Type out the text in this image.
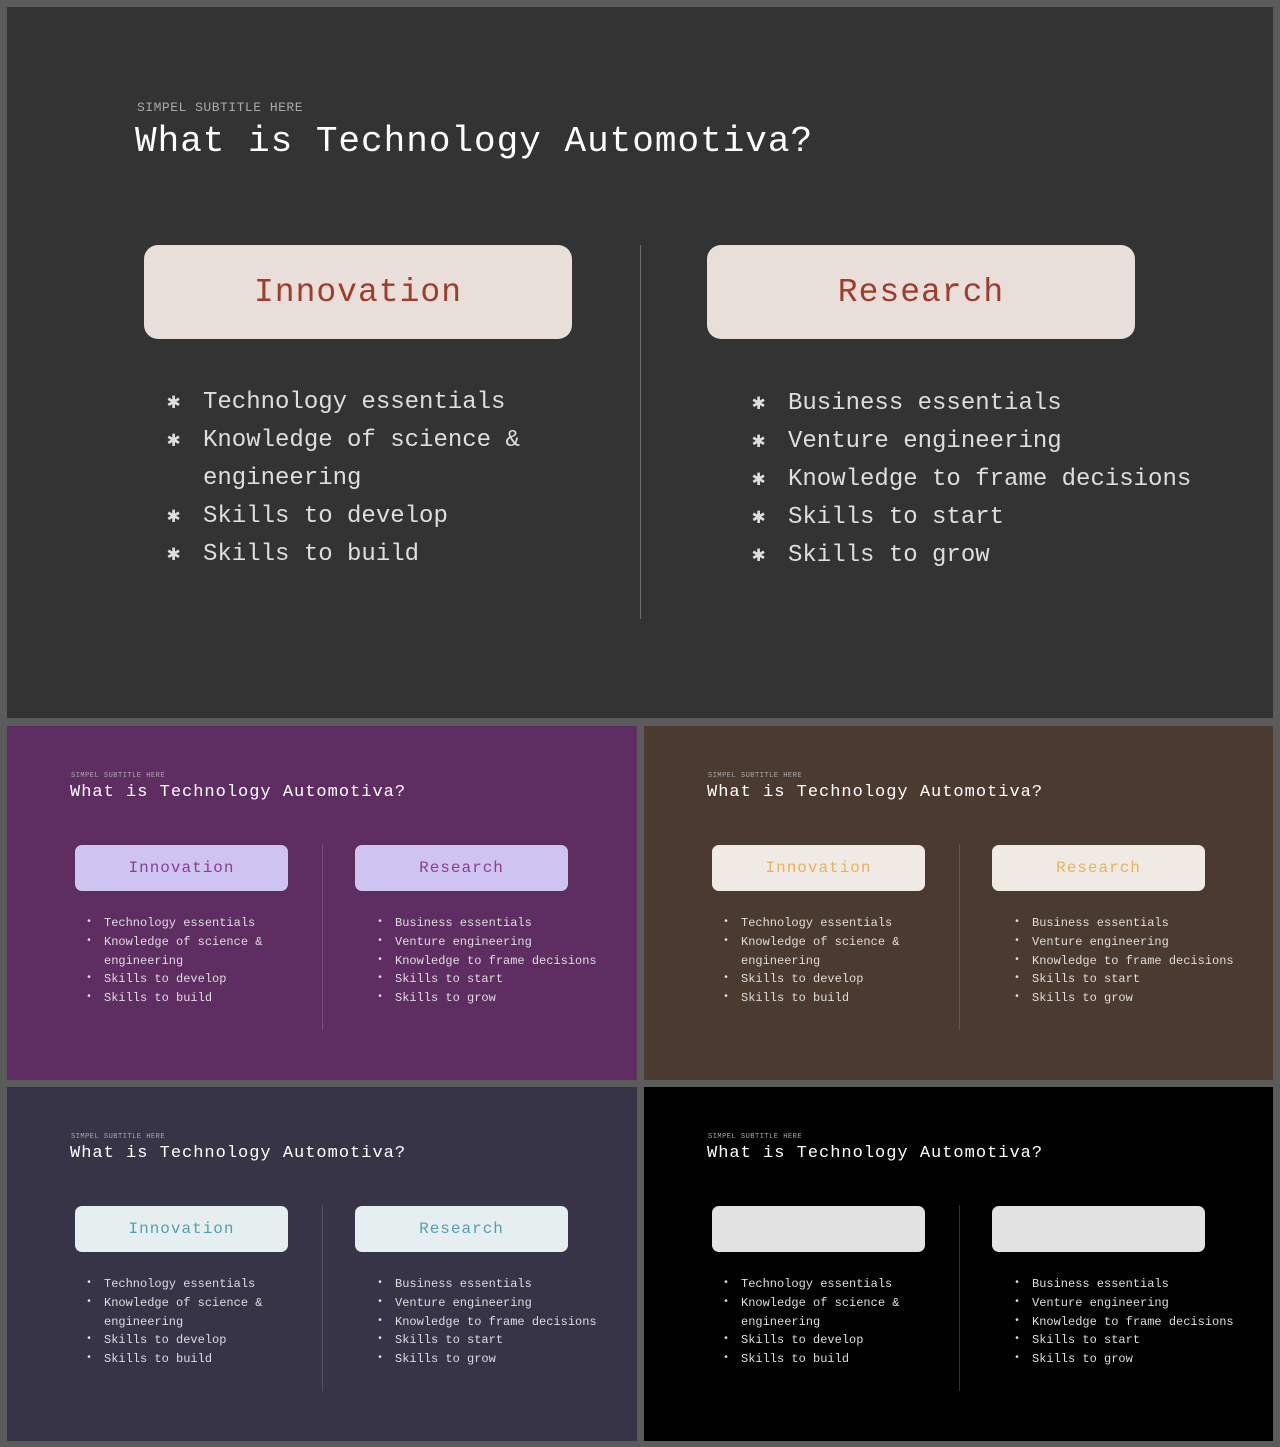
SIMPEL SUBTITLE HERE
What is Technology Automotiva?
Innovation	Research
✱ Technology essentials
✱ Knowledge of science &
engineering
✱ Skills to develop
✱ Skills to build
✱ Business essentials
✱ Venture engineering
✱ Knowledge to frame decisions
✱ Skills to start
✱ Skills to grow
SIMPEL SUBTITLE HERE
What is Technology Automotiva?
Innovation	Research
• Technology essentials
• Knowledge of science &
engineering
• Skills to develop
• Skills to build
• Business essentials
• Venture engineering
• Knowledge to frame decisions
• Skills to start
• Skills to grow
SIMPEL SUBTITLE HERE
What is Technology Automotiva?
Innovation	Research
• Technology essentials
• Knowledge of science &
engineering
• Skills to develop
• Skills to build
• Business essentials
• Venture engineering
• Knowledge to frame decisions
• Skills to start
• Skills to grow
SIMPEL SUBTITLE HERE
What is Technology Automotiva?
Innovation	Research
• Technology essentials
• Knowledge of science &
engineering
• Skills to develop
• Skills to build
• Business essentials
• Venture engineering
• Knowledge to frame decisions
• Skills to start
• Skills to grow
SIMPEL SUBTITLE HERE
What is Technology Automotiva?
Innovation	Research
• Technology essentials
• Knowledge of science &
engineering
• Skills to develop
• Skills to build
• Business essentials
• Venture engineering
• Knowledge to frame decisions
• Skills to start
• Skills to grow
